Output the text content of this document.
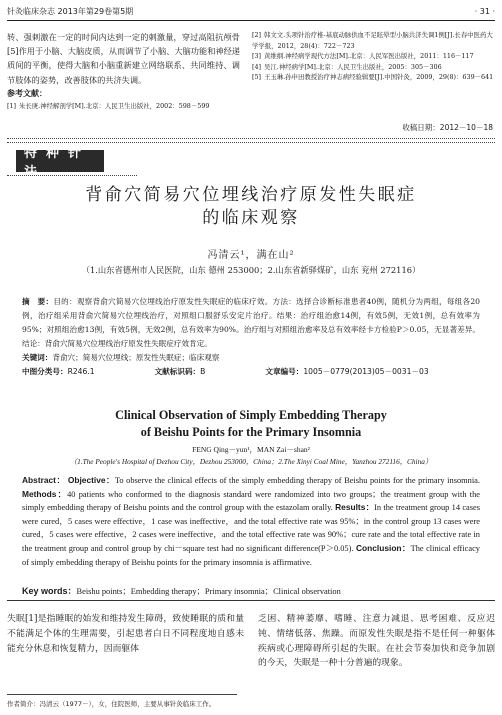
针灸临床杂志 2013年第29卷第5期	· 31 ·

转、强刺激在一定的时间内达到一定的刺激量，穿过高阻抗颅骨[5]作用于小脑、大脑皮质，从而调节了小脑、大脑功能和神经递质间的平衡，使得大脑和小脑重新建立网络联系、共同维持、调节肢体的姿势，改善肢体的共济失调。

参考文献：
[1] 朱长庚.神经解剖学[M].北京：人民卫生出版社，2002：598－599
[2] 韩文文.头项针治疗椎-基底动脉供血不足眩晕型小脑共济失调1例[J].长春中医药大学学报，2012，28(4)：722－723
[3] 黄维纲.神经病学现代方法[M].北京：人民军医出版社，2011：116－117
[4] 吴江.神经病学[M].北京：人民卫生出版社，2005：305－306
[5] 王玉琳.孙申田教授治疗神志病经验辑要[J].中国针灸，2009，29(8)：639－641
收稿日期：2012－10－18
特种针法
背俞穴简易穴位埋线治疗原发性失眠症
的临床观察
冯清云¹，满在山²
（1.山东省德州市人民医院，山东 德州 253000；2.山东省新驿煤矿，山东 兖州 272116）

摘　要：目的：观察背俞穴简易穴位埋线治疗原发性失眠症的临床疗效。方法：选择合诊断标准患者40例，随机分为两组，每组各20例，治疗组采用背俞穴简易穴位埋线治疗，对照组口服舒乐安定片治疗。结果：治疗组治愈14例，有效5例，无效1例，总有效率为95%；对照组治愈13例，有效5例，无效2例，总有效率为90%。治疗组与对照组治愈率及总有效率经卡方检验P＞0.05，无显著差异。结论：背俞穴简易穴位埋线治疗原发性失眠症疗效肯定。

关键词：背俞穴；简易穴位埋线；原发性失眠症；临床观察

中图分类号：R246.1	文献标识码：B	文章编号：1005－0779(2013)05－0031－03
Clinical Observation of Simply Embedding Therapy
of Beishu Points for the Primary Insomnia
FENG Qing－yun¹，MAN Zai－shan²
（1.The People's Hospital of Dezhou City，Dezhou 253000，China；2.The Xinyi Coal Mine，Yanzhou 272116，China）
Abstract： Objective：To observe the clinical effects of the simply embedding therapy of Beishu points for the primary insomnia. Methods：40 patients who conformed to the diagnosis standard were randomized into two groups；the treatment group with the simply embedding therapy of Beishu points and the control group with the estazolam orally. Results：In the treatment group 14 cases were cured，5 cases were effective，1 case was ineffective，and the total effective rate was 95%；in the control group 13 cases were cured，5 cases were effective，2 cases were ineffective，and the total effective rate was 90%；cure rate and the total effective rate in the treatment group and control group by chi－square test had no significant difference(P＞0.05). Conclusion：The clinical efficacy of simply embedding therapy of Beishu points for the primary insomnia is affirmative.
Key words：Beishu points；Embedding therapy；Primary insomnia；Clinical observation
失眠[1]是指睡眠的始发和维持发生障碍，致使睡眠的质和量不能满足个体的生理需要，引起患者白日不同程度地自感未能充分休息和恢复精力，因而躯体
乏困、精神萎靡、嗜睡、注意力减退、思考困难、反应迟钝、情绪低落、焦躁。而原发性失眠是指不是任何一种躯体疾病或心理障碍所引起的失眠。在社会节奏加快和竞争加剧的今天，失眠是一种十分普遍的现象。
作者简介：冯清云（1977－），女，住院医师，主要从事针灸临床工作。
